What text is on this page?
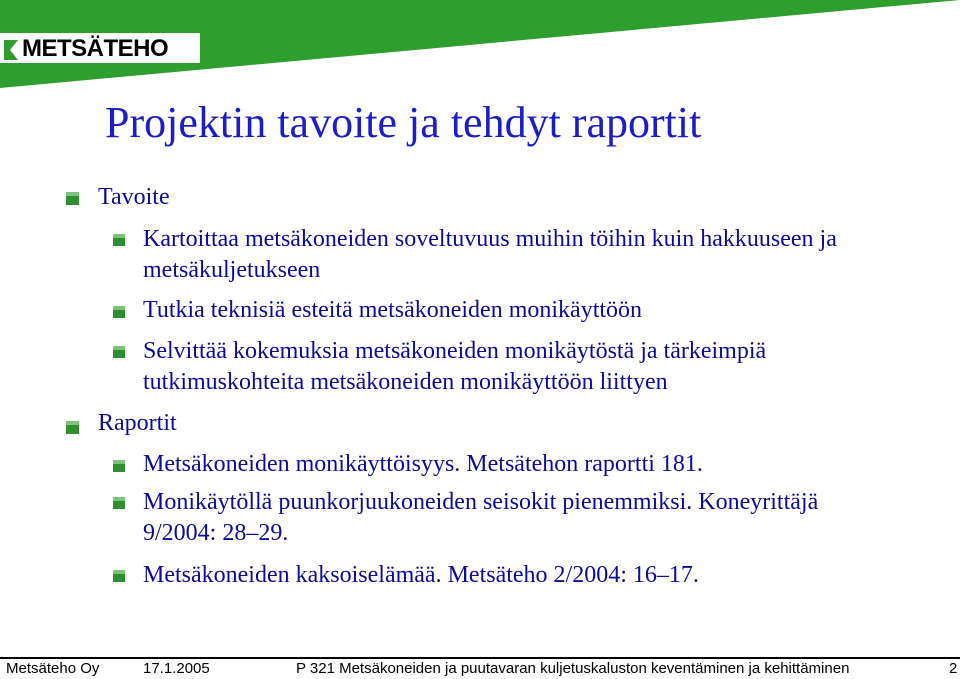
METSÄTEHO
Projektin tavoite ja tehdyt raportit
Tavoite
Kartoittaa metsäkoneiden soveltuvuus muihin töihin kuin hakkuuseen ja metsäkuljetukseen
Tutkia teknisiä esteitä metsäkoneiden monikäyttöön
Selvittää kokemuksia metsäkoneiden monikäytöstä ja tärkeimpiä tutkimuskohteita metsäkoneiden monikäyttöön liittyen
Raportit
Metsäkoneiden monikäyttöisyys. Metsätehon raportti 181.
Monikäytöllä puunkorjuukoneiden seisokit pienemmiksi. Koneyrittäjä 9/2004: 28–29.
Metsäkoneiden kaksoiselämää. Metsäteho 2/2004: 16–17.
Tuloskalvosarja
Metsäteho Oy	17.1.2005	P 321 Metsäkoneiden ja puutavaran kuljetuskaluston keventäminen ja kehittäminen	2
